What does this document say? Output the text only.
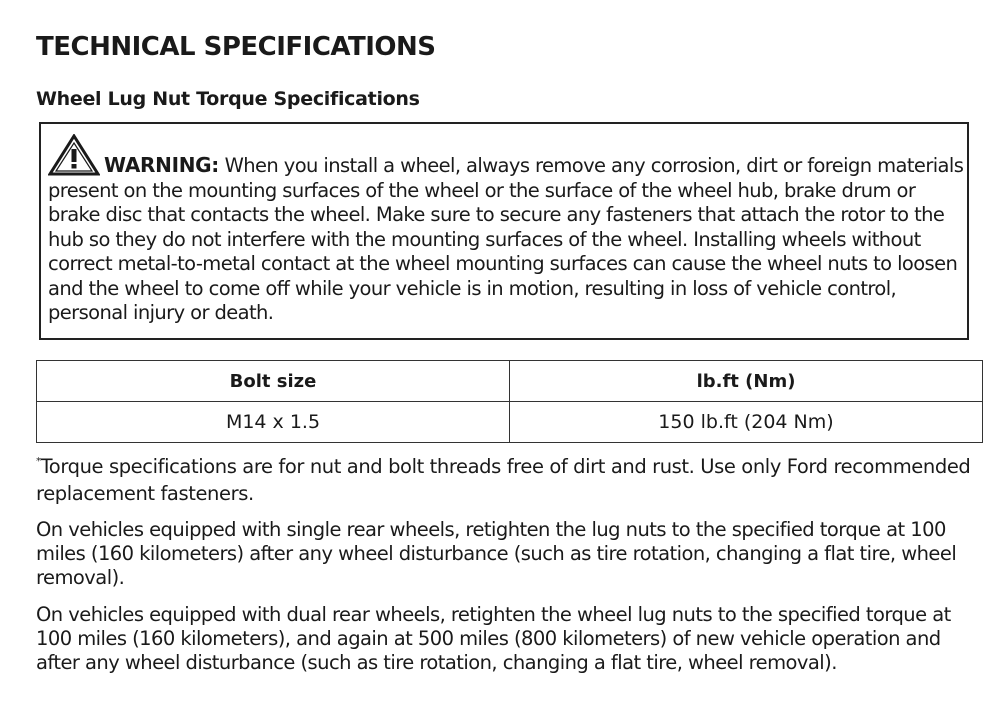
TECHNICAL SPECIFICATIONS
Wheel Lug Nut Torque Specifications

WARNING: When you install a wheel, always remove any corrosion, dirt or foreign materials present on the mounting surfaces of the wheel or the surface of the wheel hub, brake drum or brake disc that contacts the wheel. Make sure to secure any fasteners that attach the rotor to the hub so they do not interfere with the mounting surfaces of the wheel. Installing wheels without correct metal-to-metal contact at the wheel mounting surfaces can cause the wheel nuts to loosen and the wheel to come off while your vehicle is in motion, resulting in loss of vehicle control, personal injury or death.

Bolt size	lb.ft (Nm)
M14 x 1.5	150 lb.ft (204 Nm)

*Torque specifications are for nut and bolt threads free of dirt and rust. Use only Ford recommended replacement fasteners.

On vehicles equipped with single rear wheels, retighten the lug nuts to the specified torque at 100 miles (160 kilometers) after any wheel disturbance (such as tire rotation, changing a flat tire, wheel removal).

On vehicles equipped with dual rear wheels, retighten the wheel lug nuts to the specified torque at 100 miles (160 kilometers), and again at 500 miles (800 kilometers) of new vehicle operation and after any wheel disturbance (such as tire rotation, changing a flat tire, wheel removal).
